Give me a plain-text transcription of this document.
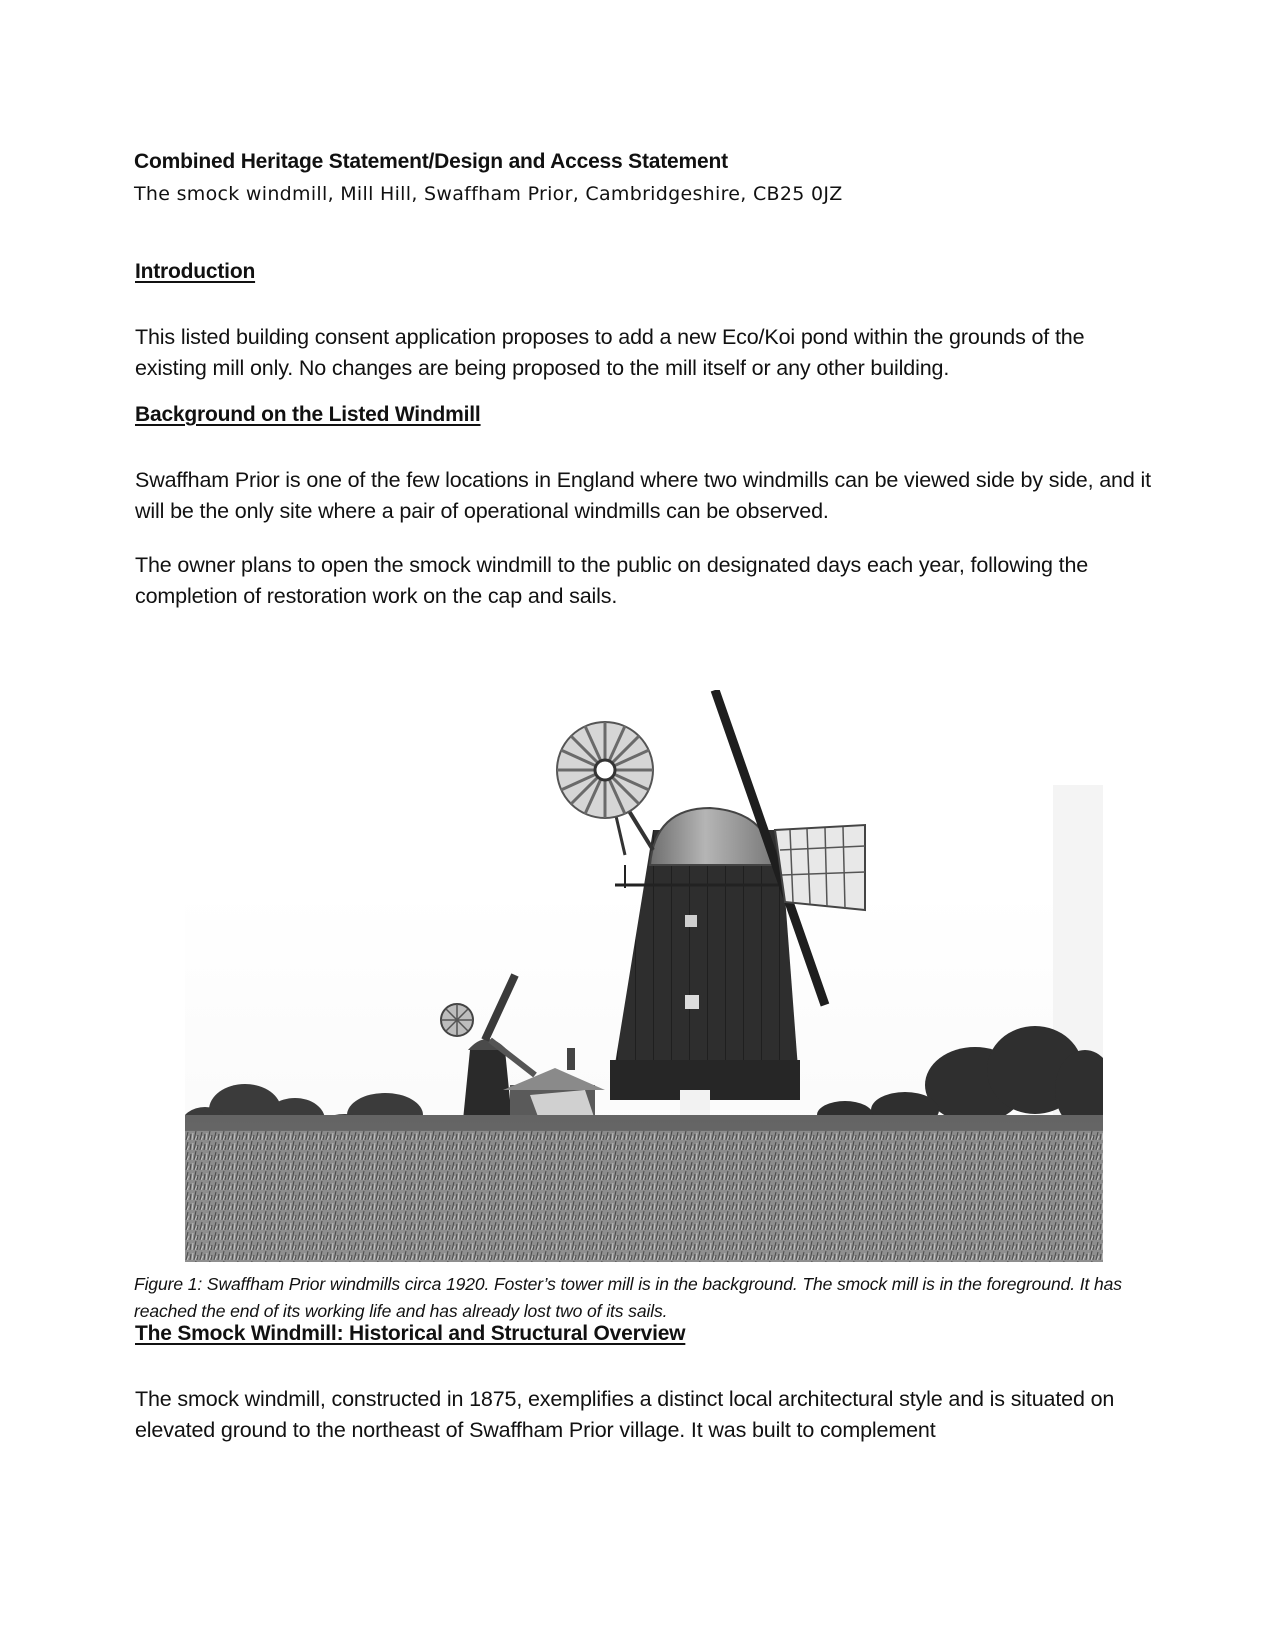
Combined Heritage Statement/Design and Access Statement
The smock windmill, Mill Hill, Swaffham Prior, Cambridgeshire, CB25 0JZ
Introduction
This listed building consent application proposes to add a new Eco/Koi pond within the grounds of the existing mill only. No changes are being proposed to the mill itself or any other building.
Background on the Listed Windmill
Swaffham Prior is one of the few locations in England where two windmills can be viewed side by side, and it will be the only site where a pair of operational windmills can be observed.
The owner plans to open the smock windmill to the public on designated days each year, following the completion of restoration work on the cap and sails.
Figure 1: Swaffham Prior windmills circa 1920. Foster’s tower mill is in the background. The smock mill is in the foreground. It has reached the end of its working life and has already lost two of its sails.
The Smock Windmill: Historical and Structural Overview
The smock windmill, constructed in 1875, exemplifies a distinct local architectural style and is situated on elevated ground to the northeast of Swaffham Prior village. It was built to complement
